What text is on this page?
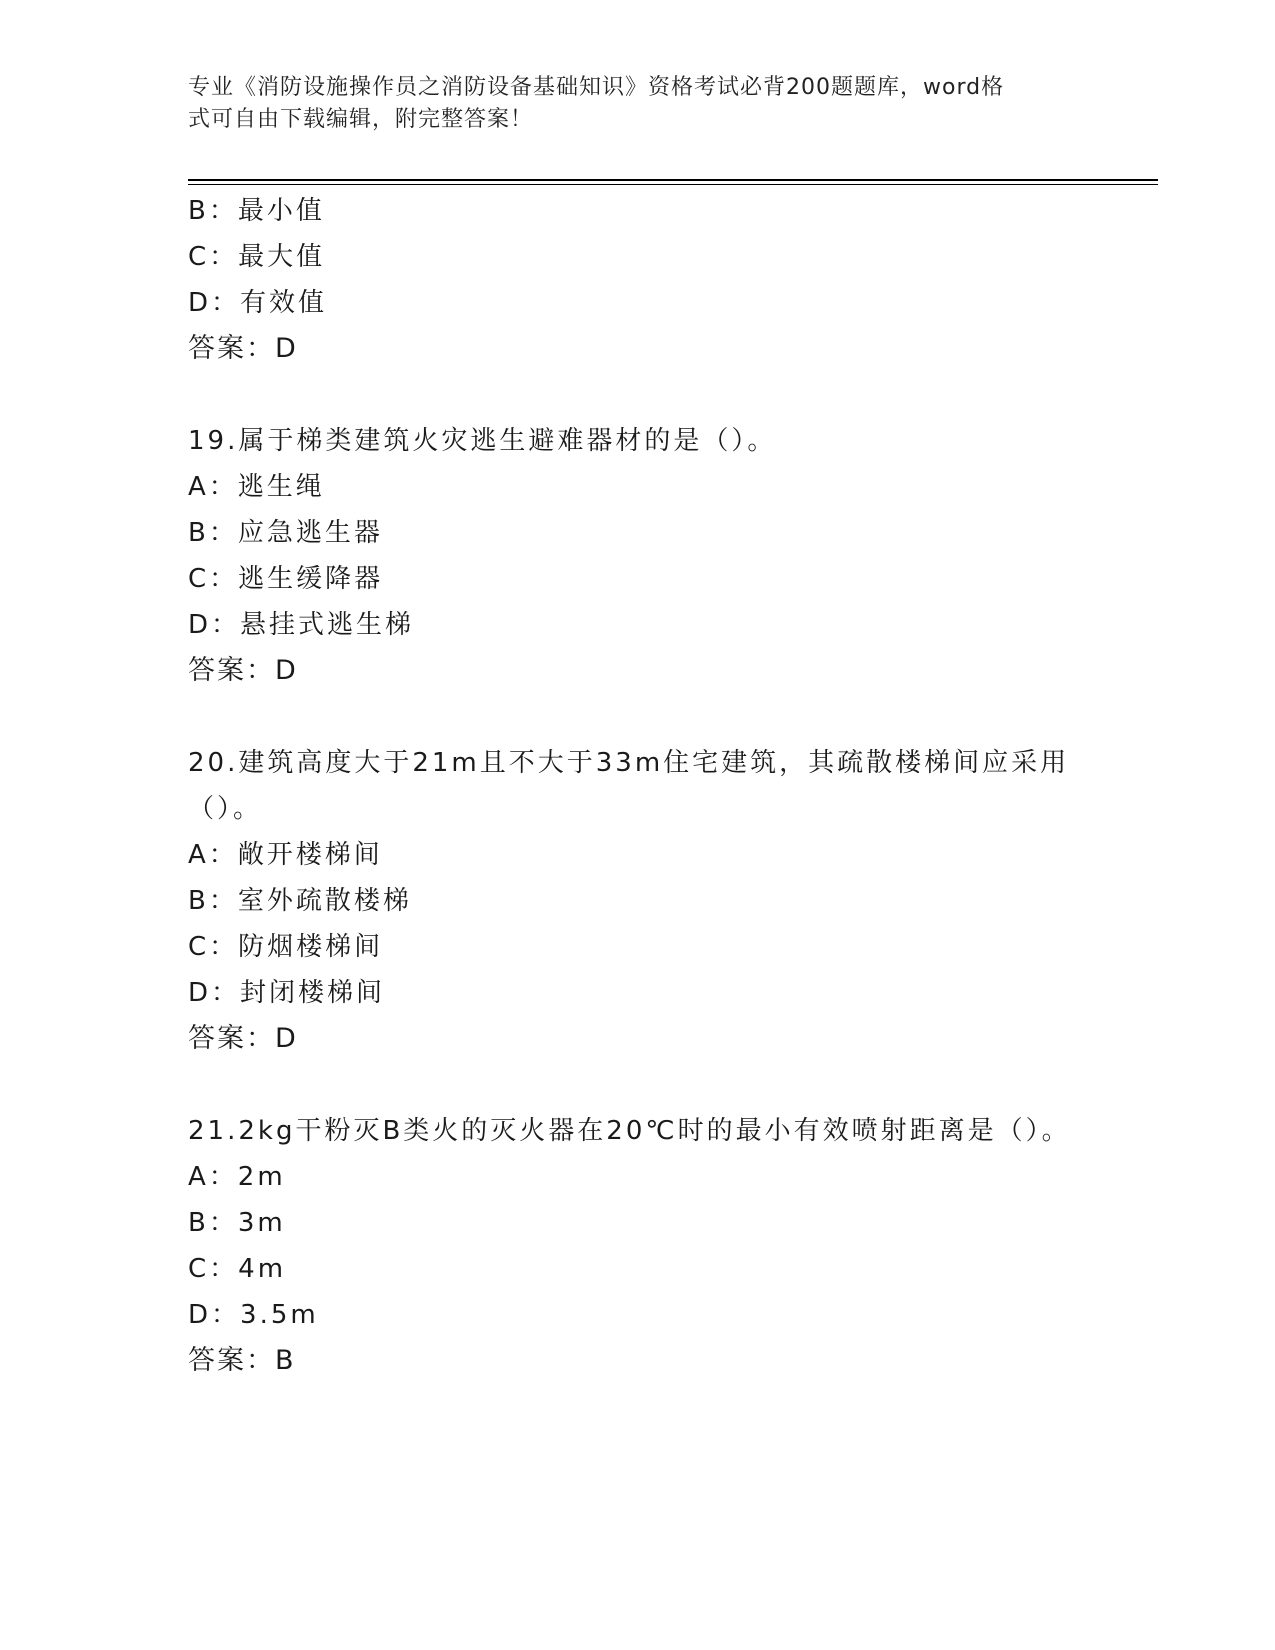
专业《消防设施操作员之消防设备基础知识》资格考试必背200题题库，word格
式可自由下载编辑，附完整答案！
B：最小值
C：最大值
D：有效值
答案：D
19.属于梯类建筑火灾逃生避难器材的是（）。
A：逃生绳
B：应急逃生器
C：逃生缓降器
D：悬挂式逃生梯
答案：D
20.建筑高度大于21m且不大于33m住宅建筑，其疏散楼梯间应采用（）。
A：敞开楼梯间
B：室外疏散楼梯
C：防烟楼梯间
D：封闭楼梯间
答案：D
21.2kg干粉灭B类火的灭火器在20℃时的最小有效喷射距离是（）。
A：2m
B：3m
C：4m
D：3.5m
答案：B
